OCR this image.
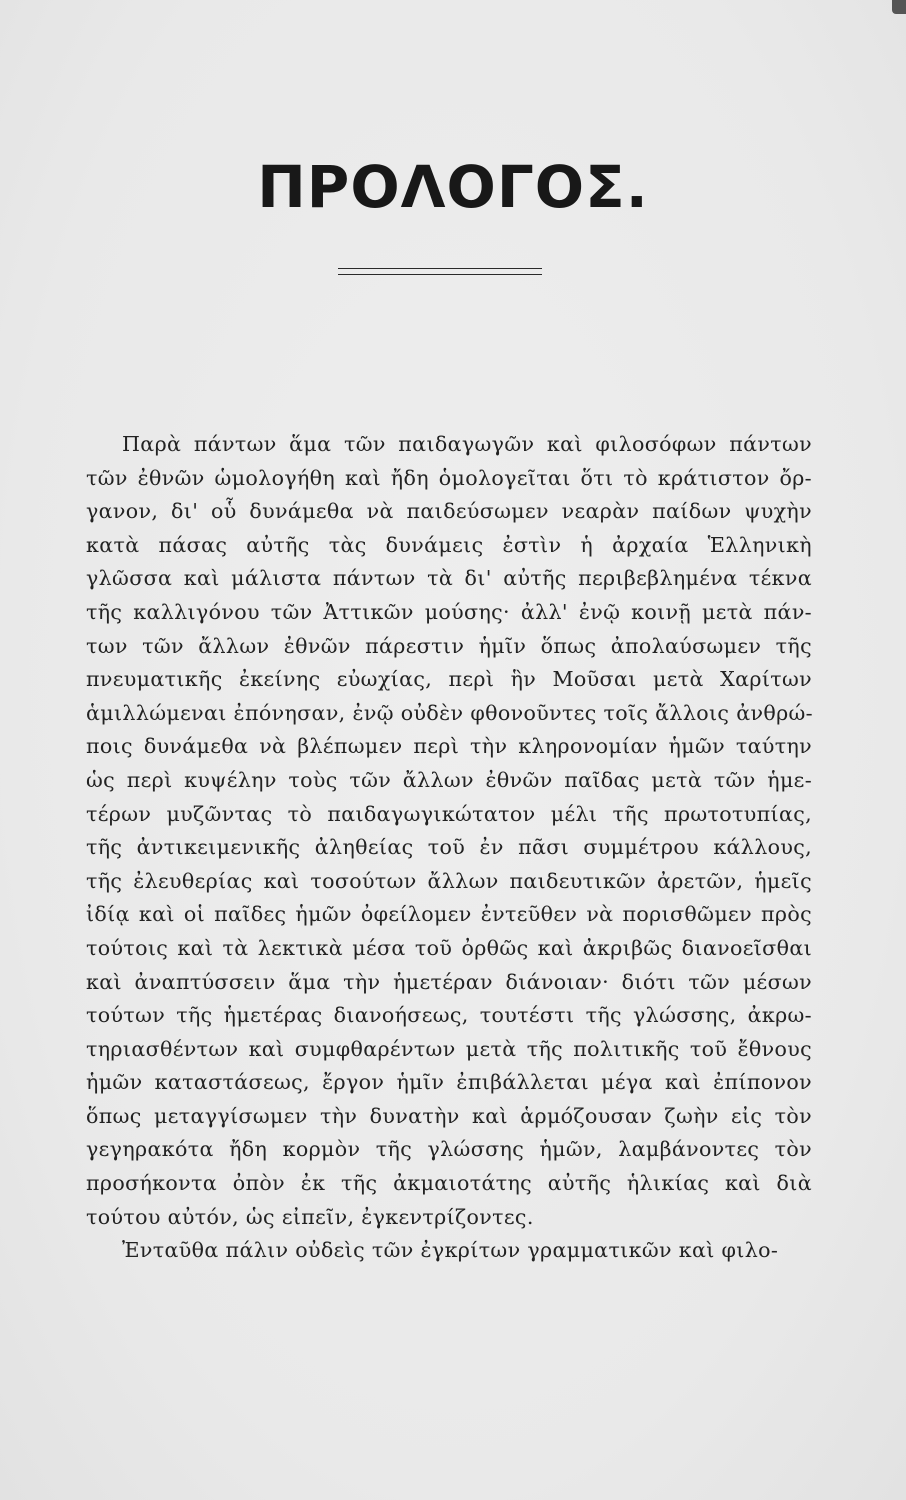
ΠΡΟΛΟΓΟΣ.
Παρὰ πάντων ἅμα τῶν παιδαγωγῶν καὶ φιλοσόφων πάντων
τῶν ἐθνῶν ὡμολογήθη καὶ ἤδη ὁμολογεῖται ὅτι τὸ κράτιστον ὄρ-
γανον, δι' οὗ δυνάμεθα νὰ παιδεύσωμεν νεαρὰν παίδων ψυχὴν
κατὰ πάσας αὐτῆς τὰς δυνάμεις ἐστὶν ἡ ἀρχαία Ἑλληνικὴ
γλῶσσα καὶ μάλιστα πάντων τὰ δι' αὐτῆς περιβεβλημένα τέκνα
τῆς καλλιγόνου τῶν Ἀττικῶν μούσης· ἀλλ' ἐνῷ κοινῇ μετὰ πάν-
των τῶν ἄλλων ἐθνῶν πάρεστιν ἡμῖν ὅπως ἀπολαύσωμεν τῆς
πνευματικῆς ἐκείνης εὐωχίας, περὶ ἣν Μοῦσαι μετὰ Χαρίτων
ἁμιλλώμεναι ἐπόνησαν, ἐνῷ οὐδὲν φθονοῦντες τοῖς ἄλλοις ἀνθρώ-
ποις δυνάμεθα νὰ βλέπωμεν περὶ τὴν κληρονομίαν ἡμῶν ταύτην
ὡς περὶ κυψέλην τοὺς τῶν ἄλλων ἐθνῶν παῖδας μετὰ τῶν ἡμε-
τέρων μυζῶντας τὸ παιδαγωγικώτατον μέλι τῆς πρωτοτυπίας,
τῆς ἀντικειμενικῆς ἀληθείας τοῦ ἐν πᾶσι συμμέτρου κάλλους,
τῆς ἐλευθερίας καὶ τοσούτων ἄλλων παιδευτικῶν ἀρετῶν, ἡμεῖς
ἰδίᾳ καὶ οἱ παῖδες ἡμῶν ὀφείλομεν ἐντεῦθεν νὰ πορισθῶμεν πρὸς
τούτοις καὶ τὰ λεκτικὰ μέσα τοῦ ὀρθῶς καὶ ἀκριβῶς διανοεῖσθαι
καὶ ἀναπτύσσειν ἅμα τὴν ἡμετέραν διάνοιαν· διότι τῶν μέσων
τούτων τῆς ἡμετέρας διανοήσεως, τουτέστι τῆς γλώσσης, ἀκρω-
τηριασθέντων καὶ συμφθαρέντων μετὰ τῆς πολιτικῆς τοῦ ἔθνους
ἡμῶν καταστάσεως, ἔργον ἡμῖν ἐπιβάλλεται μέγα καὶ ἐπίπονον
ὅπως μεταγγίσωμεν τὴν δυνατὴν καὶ ἁρμόζουσαν ζωὴν εἰς τὸν
γεγηρακότα ἤδη κορμὸν τῆς γλώσσης ἡμῶν, λαμβάνοντες τὸν
προσήκοντα ὀπὸν ἐκ τῆς ἀκμαιοτάτης αὐτῆς ἡλικίας καὶ διὰ
τούτου αὐτόν, ὡς εἰπεῖν, ἐγκεντρίζοντες.
Ἐνταῦθα πάλιν οὐδεὶς τῶν ἐγκρίτων γραμματικῶν καὶ φιλο-
